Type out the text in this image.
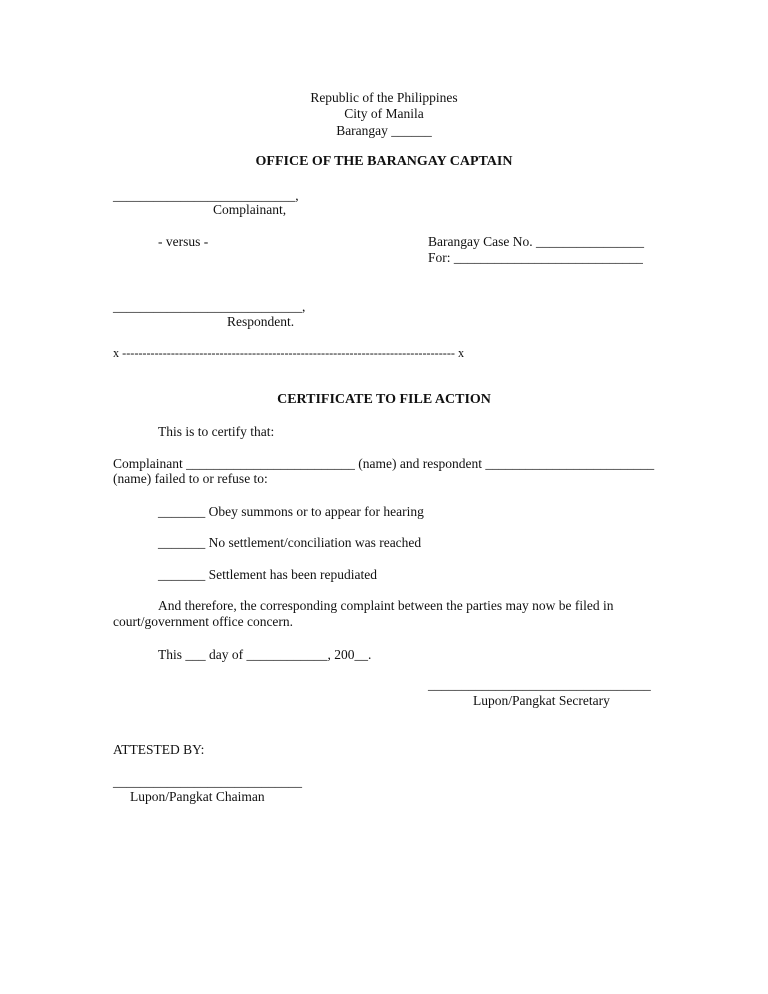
Republic of the Philippines
City of Manila
Barangay ______
OFFICE OF THE BARANGAY CAPTAIN
___________________________,
Complainant,
- versus -	Barangay Case No. ________________
For: ____________________________
____________________________,
Respondent.
x ---------------------------------------------------------------------------------- x
CERTIFICATE TO FILE ACTION
This is to certify that:
Complainant _________________________ (name) and respondent _________________________
(name) failed to or refuse to:
_______ Obey summons or to appear for hearing
_______ No settlement/conciliation was reached
_______ Settlement has been repudiated
And therefore, the corresponding complaint between the parties may now be filed in
court/government office concern.
This ___ day of ____________, 200__.
_________________________________
Lupon/Pangkat Secretary
ATTESTED BY:
____________________________
Lupon/Pangkat Chaiman
